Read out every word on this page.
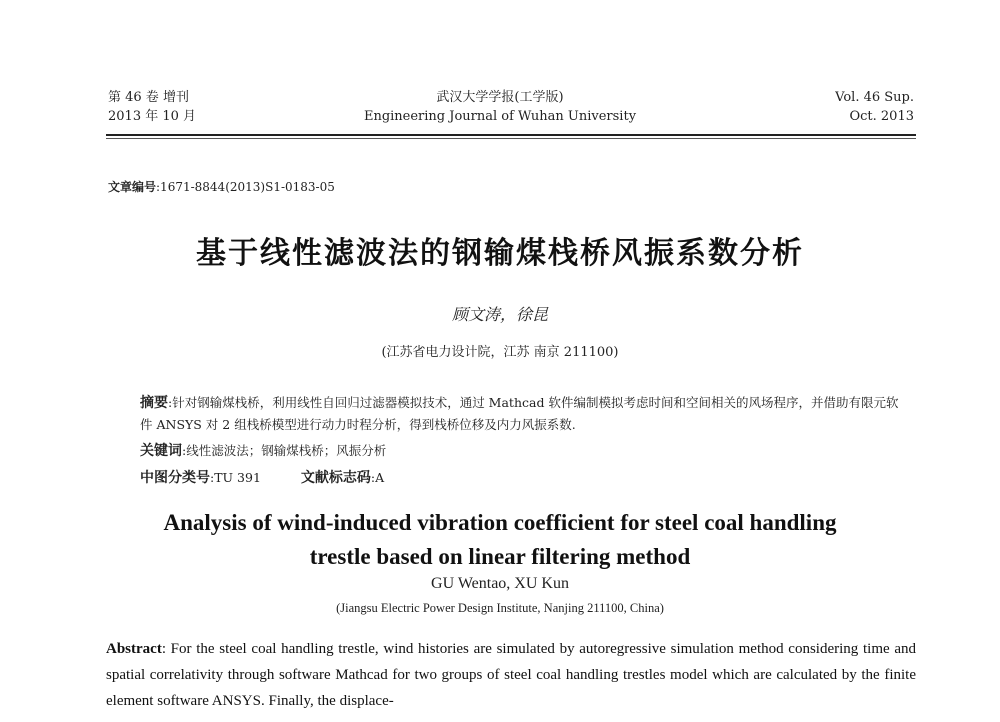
第 46 卷 增刊
2013 年 10 月
武汉大学学报(工学版)
Engineering Journal of Wuhan University
Vol. 46 Sup.
Oct. 2013
文章编号:1671-8844(2013)S1-0183-05
基于线性滤波法的钢输煤栈桥风振系数分析
顾文涛，徐昆
(江苏省电力设计院，江苏 南京 211100)
摘要:针对钢输煤栈桥，利用线性自回归过滤器模拟技术，通过 Mathcad 软件编制模拟考虑时间和空间相关的风场程序，并借助有限元软件 ANSYS 对 2 组栈桥模型进行动力时程分析，得到栈桥位移及内力风振系数.
关键词:线性滤波法；钢输煤栈桥；风振分析
中图分类号:TU 391	文献标志码:A
Analysis of wind-induced vibration coefficient for steel coal handling
trestle based on linear filtering method
GU Wentao, XU Kun
(Jiangsu Electric Power Design Institute, Nanjing 211100, China)
Abstract: For the steel coal handling trestle, wind histories are simulated by autoregressive simulation method considering time and spatial correlativity through software Mathcad for two groups of steel coal handling trestles model which are calculated by the finite element software ANSYS. Finally, the displace-
